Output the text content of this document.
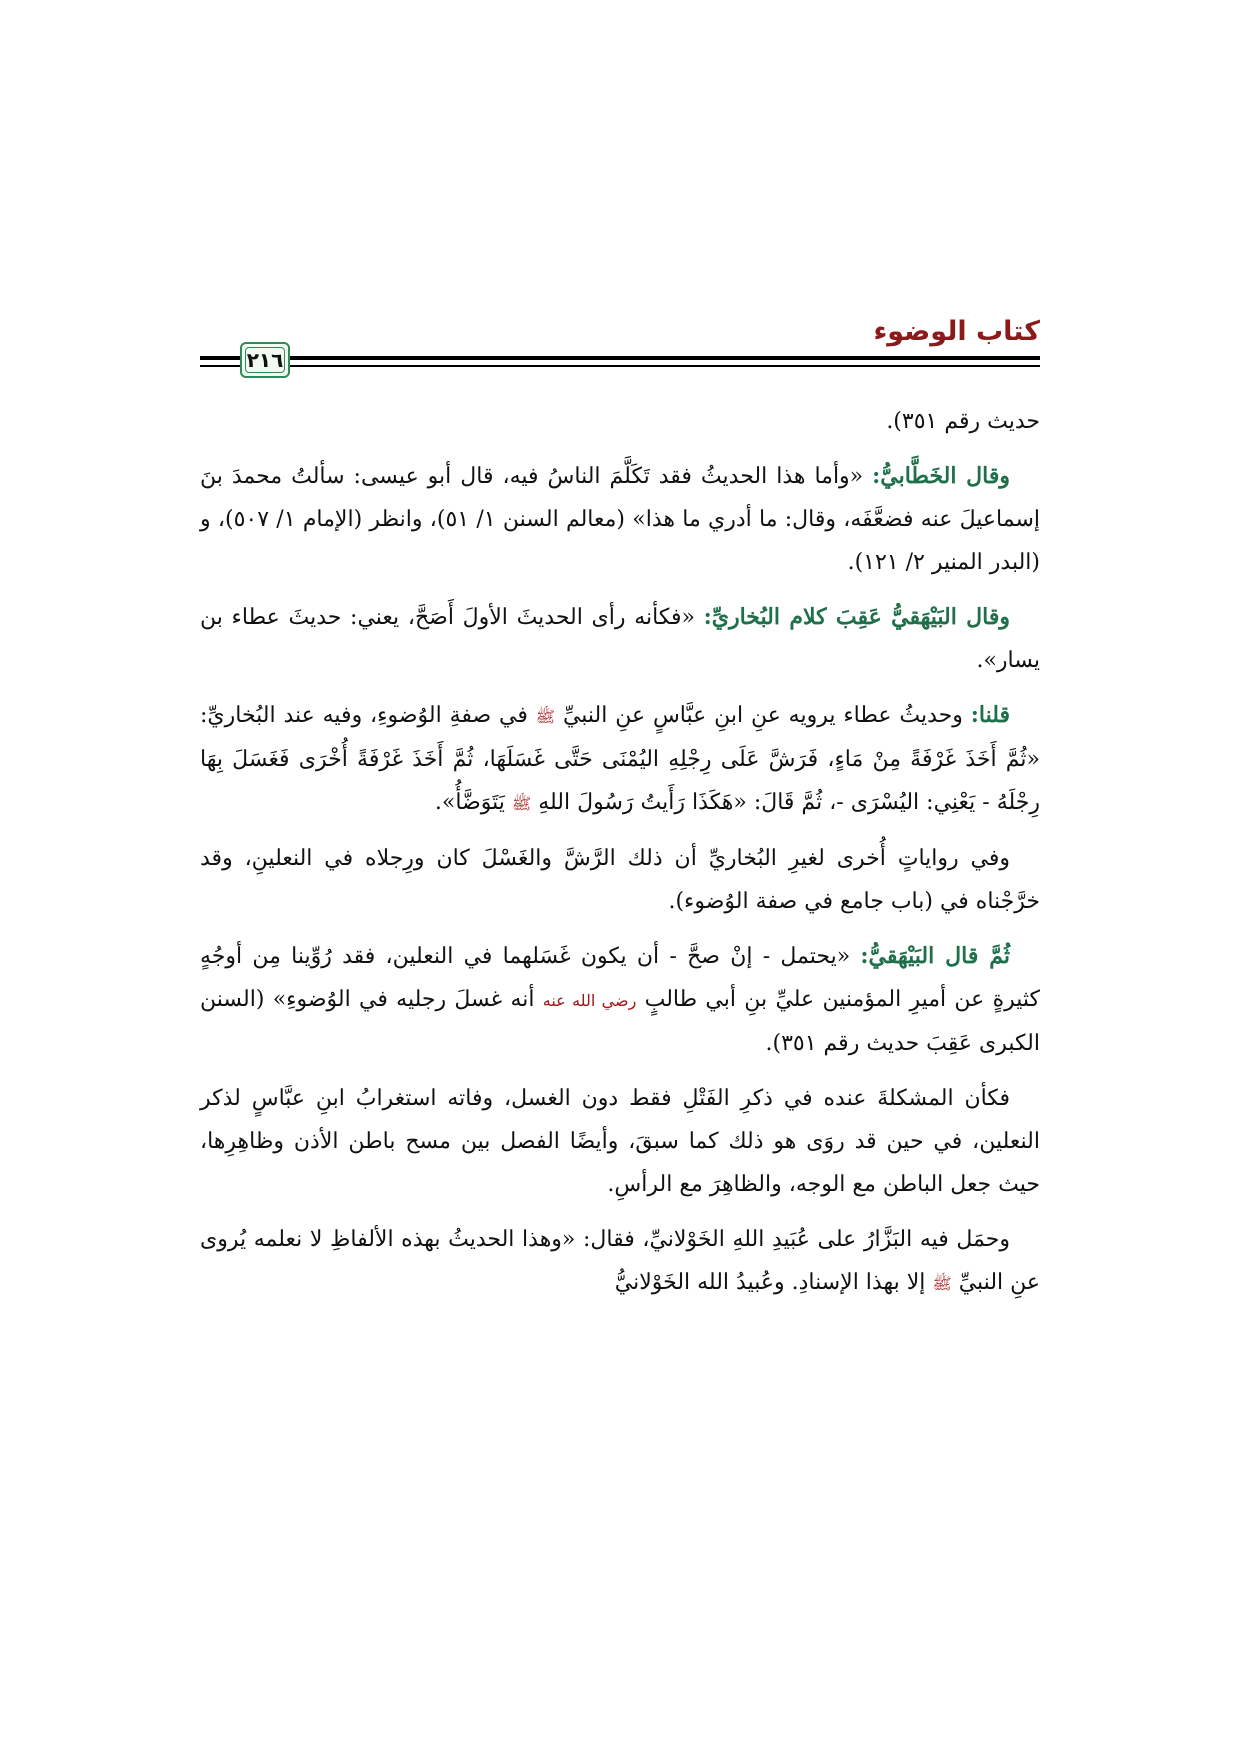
كتاب الوضوء
٢١٦

حديث رقم ٣٥١).

وقال الخَطَّابيُّ: «وأما هذا الحديثُ فقد تَكَلَّمَ الناسُ فيه، قال أبو عيسى: سألتُ محمدَ بنَ إسماعيلَ عنه فضعَّفَه، وقال: ما أدري ما هذا» (معالم السنن ١/ ٥١)، وانظر (الإمام ١/ ٥٠٧)، و (البدر المنير ٢/ ١٢١).

وقال البَيْهَقيُّ عَقِبَ كلام البُخاريِّ: «فكأنه رأى الحديثَ الأولَ أَصَحَّ، يعني: حديثَ عطاء بن يسار».

قلنا: وحديثُ عطاء يرويه عنِ ابنِ عبَّاسٍ عنِ النبيِّ ﷺ في صفةِ الوُضوءِ، وفيه عند البُخاريِّ: «ثُمَّ أَخَذَ غَرْفَةً مِنْ مَاءٍ، فَرَشَّ عَلَى رِجْلِهِ اليُمْنَى حَتَّى غَسَلَهَا، ثُمَّ أَخَذَ غَرْفَةً أُخْرَى فَغَسَلَ بِهَا رِجْلَهُ - يَعْنِي: اليُسْرَى -، ثُمَّ قَالَ: «هَكَذَا رَأَيتُ رَسُولَ اللهِ ﷺ يَتَوَضَّأُ».

وفي رواياتٍ أُخرى لغيرِ البُخاريِّ أن ذلك الرَّشَّ والغَسْلَ كان ورِجلاه في النعلينِ، وقد خرَّجْناه في (باب جامع في صفة الوُضوء).

ثُمَّ قال البَيْهَقيُّ: «يحتمل - إنْ صحَّ - أن يكون غَسَلهما في النعلين، فقد رُوِّينا مِن أوجُهٍ كثيرةٍ عن أميرِ المؤمنين عليِّ بنِ أبي طالبٍ رضي الله عنه أنه غسلَ رجليه في الوُضوءِ» (السنن الكبرى عَقِبَ حديث رقم ٣٥١).

فكأن المشكلةَ عنده في ذكرِ الفَتْلِ فقط دون الغسل، وفاته استغرابُ ابنِ عبَّاسٍ لذكر النعلين، في حين قد روَى هو ذلك كما سبقَ، وأيضًا الفصل بين مسح باطن الأذن وظاهِرِها، حيث جعل الباطن مع الوجه، والظاهِرَ مع الرأسِ.

وحمَل فيه البَزَّارُ على عُبَيدِ اللهِ الخَوْلانيِّ، فقال: «وهذا الحديثُ بهذه الألفاظِ لا نعلمه يُروى عنِ النبيِّ ﷺ إلا بهذا الإسنادِ. وعُبيدُ الله الخَوْلانيُّ
